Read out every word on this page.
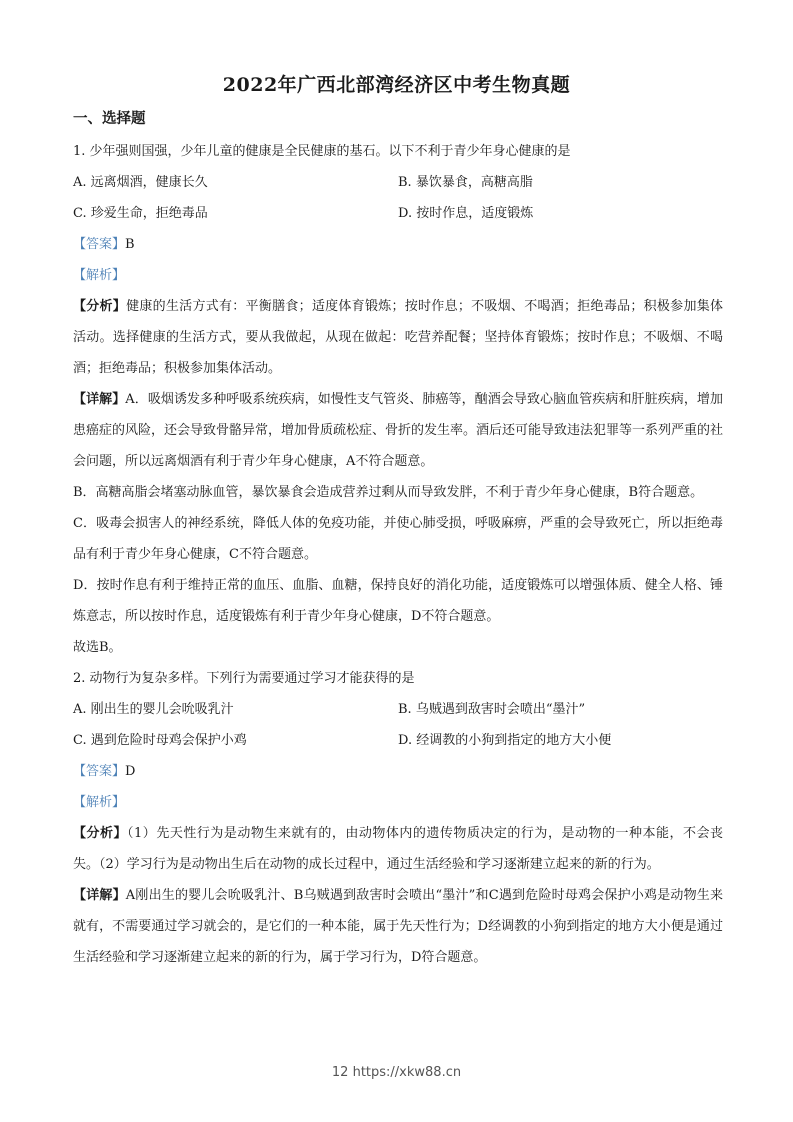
2022年广西北部湾经济区中考生物真题
一、选择题
1. 少年强则国强，少年儿童的健康是全民健康的基石。以下不利于青少年身心健康的是
A. 远离烟酒，健康长久	B. 暴饮暴食，高糖高脂
C. 珍爱生命，拒绝毒品	D. 按时作息，适度锻炼
【答案】B
【解析】
【分析】健康的生活方式有：平衡膳食；适度体育锻炼；按时作息；不吸烟、不喝酒；拒绝毒品；积极参加集体活动。选择健康的生活方式，要从我做起，从现在做起：吃营养配餐；坚持体育锻炼；按时作息；不吸烟、不喝酒；拒绝毒品；积极参加集体活动。
【详解】A．吸烟诱发多种呼吸系统疾病，如慢性支气管炎、肺癌等，酗酒会导致心脑血管疾病和肝脏疾病，增加患癌症的风险，还会导致骨骼异常，增加骨质疏松症、骨折的发生率。酒后还可能导致违法犯罪等一系列严重的社会问题，所以远离烟酒有利于青少年身心健康，A不符合题意。
B．高糖高脂会堵塞动脉血管，暴饮暴食会造成营养过剩从而导致发胖，不利于青少年身心健康，B符合题意。
C．吸毒会损害人的神经系统，降低人体的免疫功能，并使心肺受损，呼吸麻痹，严重的会导致死亡，所以拒绝毒品有利于青少年身心健康，C不符合题意。
D．按时作息有利于维持正常的血压、血脂、血糖，保持良好的消化功能，适度锻炼可以增强体质、健全人格、锤炼意志，所以按时作息，适度锻炼有利于青少年身心健康，D不符合题意。
故选B。
2. 动物行为复杂多样。下列行为需要通过学习才能获得的是
A. 刚出生的婴儿会吮吸乳汁	B. 乌贼遇到敌害时会喷出“墨汁”
C. 遇到危险时母鸡会保护小鸡	D. 经调教的小狗到指定的地方大小便
【答案】D
【解析】
【分析】（1）先天性行为是动物生来就有的，由动物体内的遗传物质决定的行为，是动物的一种本能，不会丧失。（2）学习行为是动物出生后在动物的成长过程中，通过生活经验和学习逐渐建立起来的新的行为。
【详解】A刚出生的婴儿会吮吸乳汁、B乌贼遇到敌害时会喷出“墨汁”和C遇到危险时母鸡会保护小鸡是动物生来就有，不需要通过学习就会的，是它们的一种本能，属于先天性行为；D经调教的小狗到指定的地方大小便是通过生活经验和学习逐渐建立起来的新的行为，属于学习行为，D符合题意。
12 https://xkw88.cn
